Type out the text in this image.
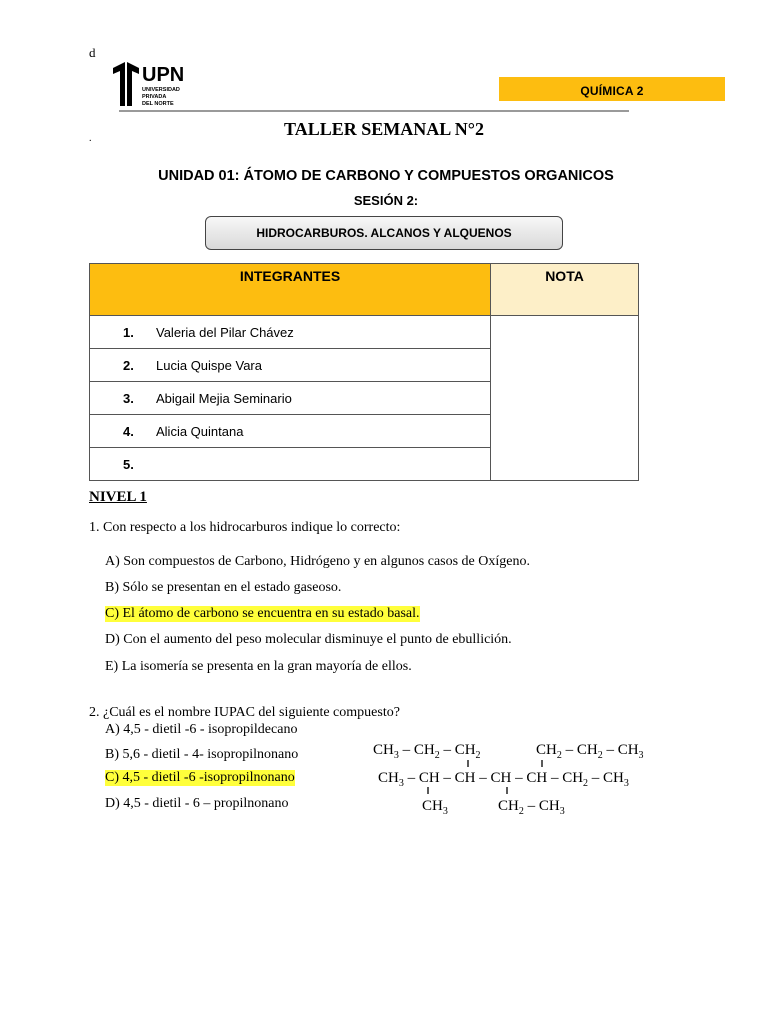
d
.
UPN
UNIVERSIDAD
PRIVADA
DEL NORTE
QUÍMICA 2
TALLER SEMANAL N°2
UNIDAD 01: ÁTOMO DE CARBONO Y COMPUESTOS ORGANICOS
SESIÓN 2:
HIDROCARBUROS. ALCANOS Y ALQUENOS
INTEGRANTES	NOTA
1. Valeria del Pilar Chávez	
2. Lucia Quispe Vara	
3. Abigail Mejia Seminario	
4. Alicia Quintana	
5.	
NIVEL 1
1. Con respecto a los hidrocarburos indique lo correcto:
A) Son compuestos de Carbono, Hidrógeno y en algunos casos de Oxígeno.
B) Sólo se presentan en el estado gaseoso.
C) El átomo de carbono se encuentra en su estado basal.
D) Con el aumento del peso molecular disminuye el punto de ebullición.
E) La isomería se presenta en la gran mayoría de ellos.
2. ¿Cuál es el nombre IUPAC del siguiente compuesto?
A) 4,5 - dietil -6 - isopropildecano
B) 5,6 - dietil - 4- isopropilnonano
C) 4,5 - dietil -6 -isopropilnonano
D) 4,5 - dietil - 6 – propilnonano
$CH_3 - CH_2 - CH_2$	$CH_2 - CH_2 - CH_3$
$CH_3$ – CH – CH – CH – CH – $CH_2 - CH_3$
$CH_3$	$CH_2 - CH_3$
